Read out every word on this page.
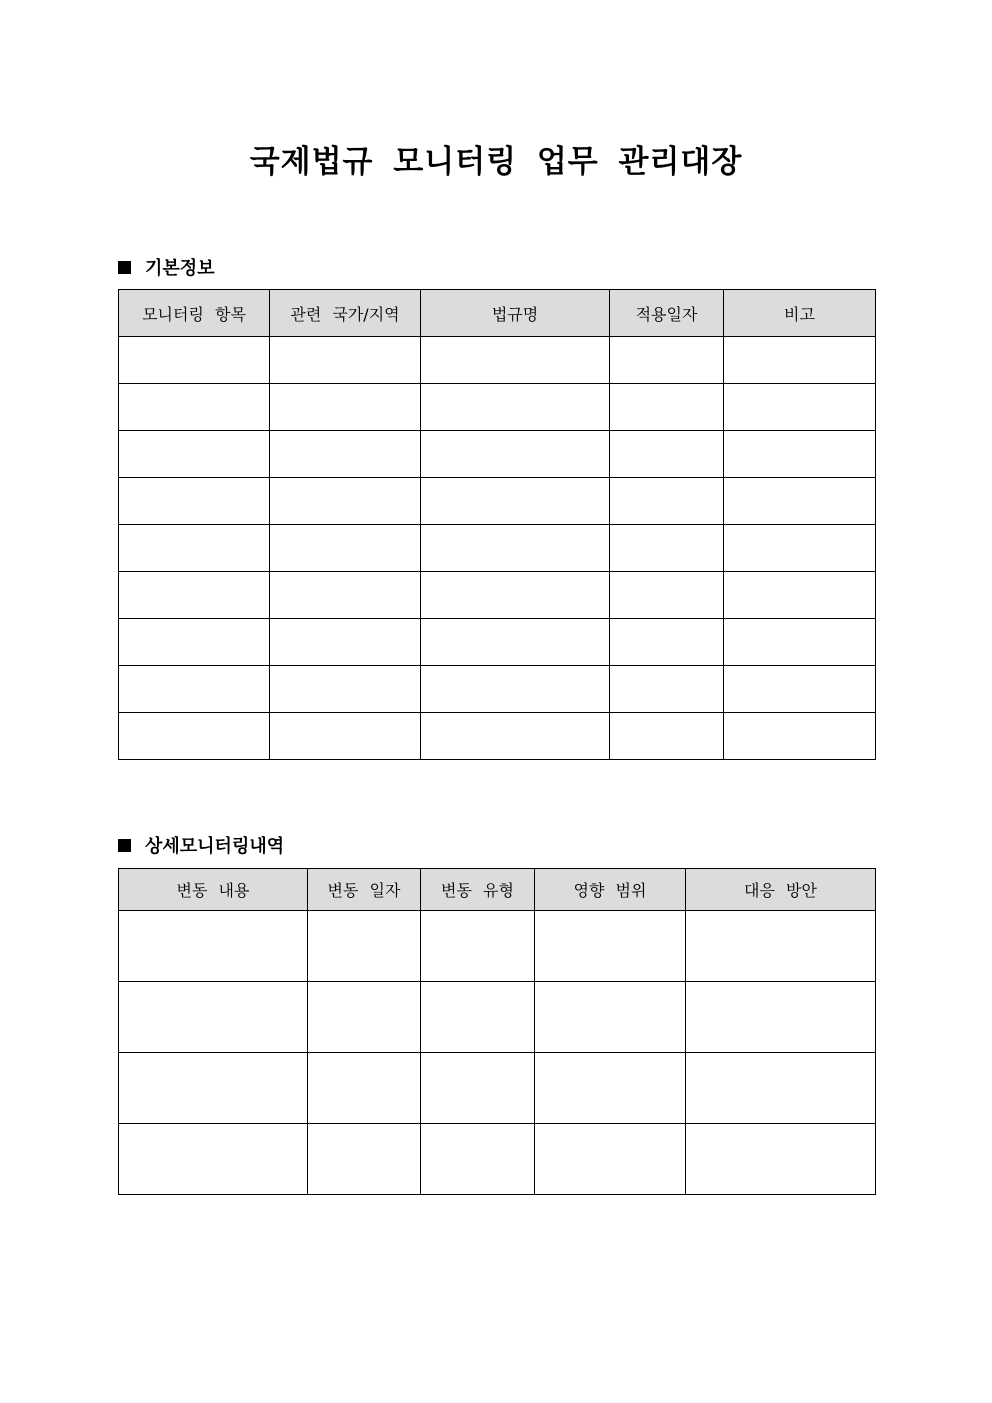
국제법규 모니터링 업무 관리대장
기본정보
모니터링 항목	관련 국가/지역	법규명	적용일자	비고

상세모니터링내역
변동 내용	변동 일자	변동 유형	영향 범위	대응 방안
